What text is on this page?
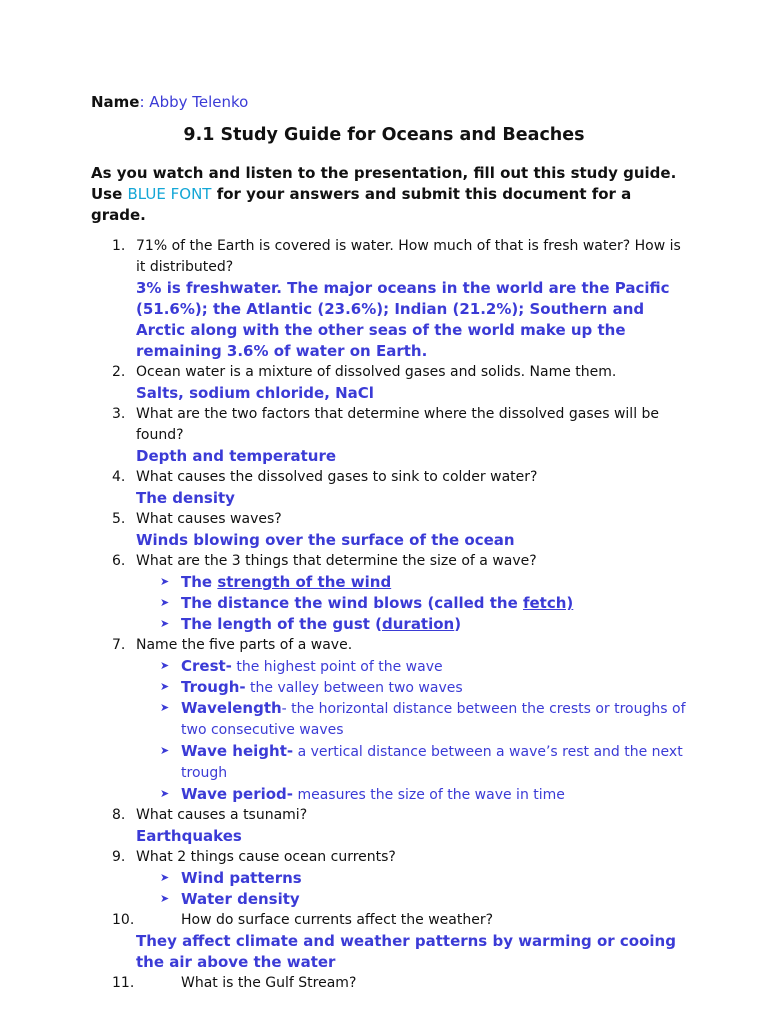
Name: Abby Telenko
9.1 Study Guide for Oceans and Beaches
As you watch and listen to the presentation, fill out this study guide. Use BLUE FONT for your answers and submit this document for a grade.
1. 71% of the Earth is covered is water. How much of that is fresh water? How is it distributed?
3% is freshwater. The major oceans in the world are the Pacific (51.6%); the Atlantic (23.6%); Indian (21.2%); Southern and Arctic along with the other seas of the world make up the remaining 3.6% of water on Earth.
2. Ocean water is a mixture of dissolved gases and solids. Name them.
Salts, sodium chloride, NaCl
3. What are the two factors that determine where the dissolved gases will be found?
Depth and temperature
4. What causes the dissolved gases to sink to colder water?
The density
5. What causes waves?
Winds blowing over the surface of the ocean
6. What are the 3 things that determine the size of a wave?
➤ The strength of the wind
➤ The distance the wind blows (called the fetch)
➤ The length of the gust (duration)
7. Name the five parts of a wave.
➤ Crest- the highest point of the wave
➤ Trough- the valley between two waves
➤ Wavelength- the horizontal distance between the crests or troughs of two consecutive waves
➤ Wave height- a vertical distance between a wave’s rest and the next trough
➤ Wave period- measures the size of the wave in time
8. What causes a tsunami?
Earthquakes
9. What 2 things cause ocean currents?
➤ Wind patterns
➤ Water density
10.	How do surface currents affect the weather?
They affect climate and weather patterns by warming or cooing the air above the water
11.	What is the Gulf Stream?
